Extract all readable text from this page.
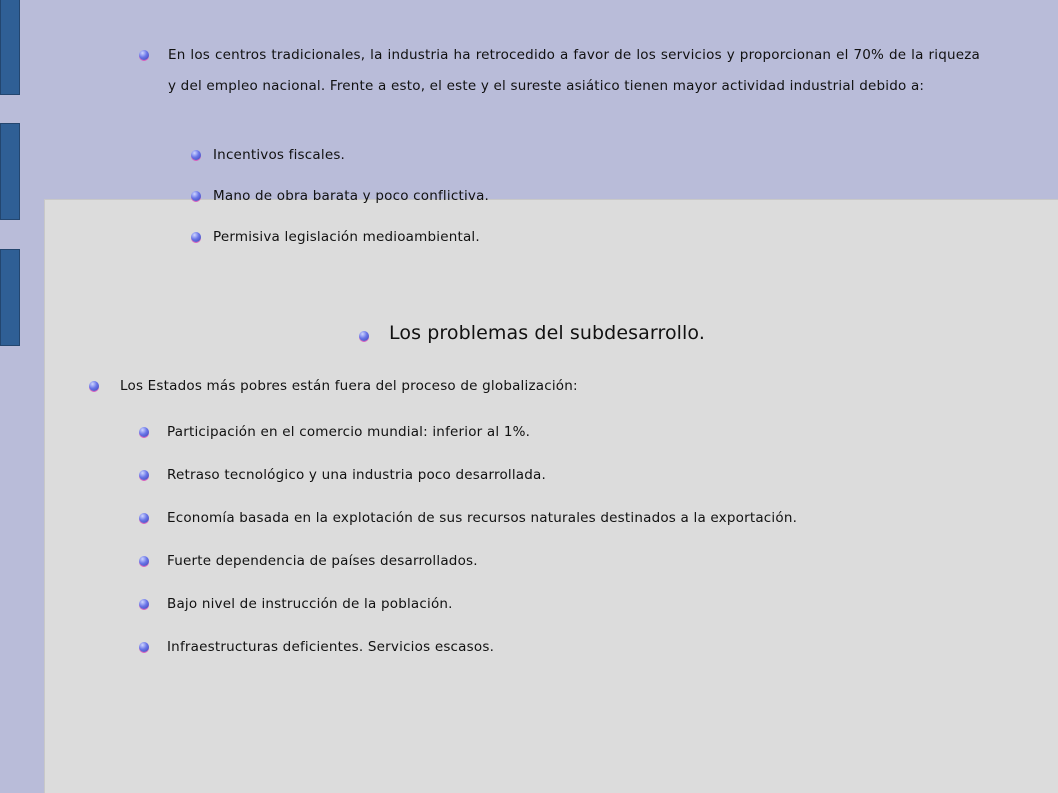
En los centros tradicionales, la industria ha retrocedido a favor de los servicios y proporcionan el 70% de la riqueza y del empleo nacional. Frente a esto, el este y el sureste asiático tienen mayor actividad industrial debido a:
Incentivos fiscales.
Mano de obra barata y poco conflictiva.
Permisiva legislación medioambiental.
Los problemas del subdesarrollo.
Los Estados más pobres están fuera del proceso de globalización:
Participación en el comercio mundial: inferior al 1%.
Retraso tecnológico y una industria poco desarrollada.
Economía basada en la explotación de sus recursos naturales destinados a la exportación.
Fuerte dependencia de países desarrollados.
Bajo nivel de instrucción de la población.
Infraestructuras deficientes. Servicios escasos.
